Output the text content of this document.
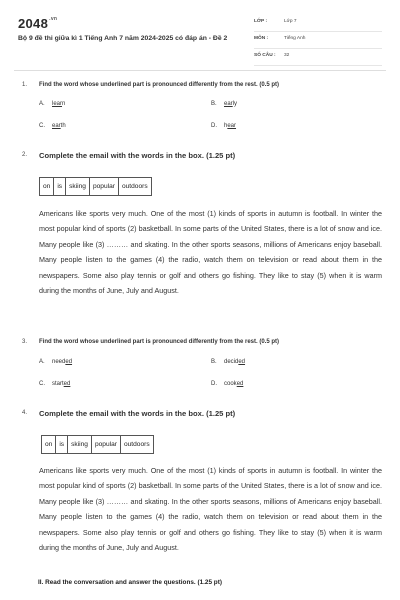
$2048^{.vn}$
Bộ 9 đề thi giữa kì 1 Tiếng Anh 7 năm 2024-2025 có đáp án - Đề 2
LỚP :	Lớp 7
MÔN :	Tiếng Anh
SỐ CÂU : 32
1. Find the word whose underlined part is pronounced differently from the rest. (0.5 pt)
A. learn	B. early
C. earth	D. hear
2. Complete the email with the words in the box. (1.25 pt)
on	is	skiing	popular	outdoors

Americans like sports very much. One of the most (1) kinds of sports in autumn is football. In winter the most popular kind of sports (2) basketball. In some parts of the United States, there is a lot of snow and ice. Many people like (3) ……… and skating. In the other sports seasons, millions of Americans enjoy baseball. Many people listen to the games (4) the radio, watch them on television or read about them in the newspapers. Some also play tennis or golf and others go fishing. They like to stay (5) when it is warm during the months of June, July and August.

3. Find the word whose underlined part is pronounced differently from the rest. (0.5 pt)
A. needed	B. decided
C. started	D. cooked
4. Complete the email with the words in the box. (1.25 pt)
on	is	skiing	popular	outdoors

Americans like sports very much. One of the most (1) kinds of sports in autumn is football. In winter the most popular kind of sports (2) basketball. In some parts of the United States, there is a lot of snow and ice. Many people like (3) ……… and skating. In the other sports seasons, millions of Americans enjoy baseball. Many people listen to the games (4) the radio, watch them on television or read about them in the newspapers. Some also play tennis or golf and others go fishing. They like to stay (5) when it is warm during the months of June, July and August.

II. Read the conversation and answer the questions. (1.25 pt)
